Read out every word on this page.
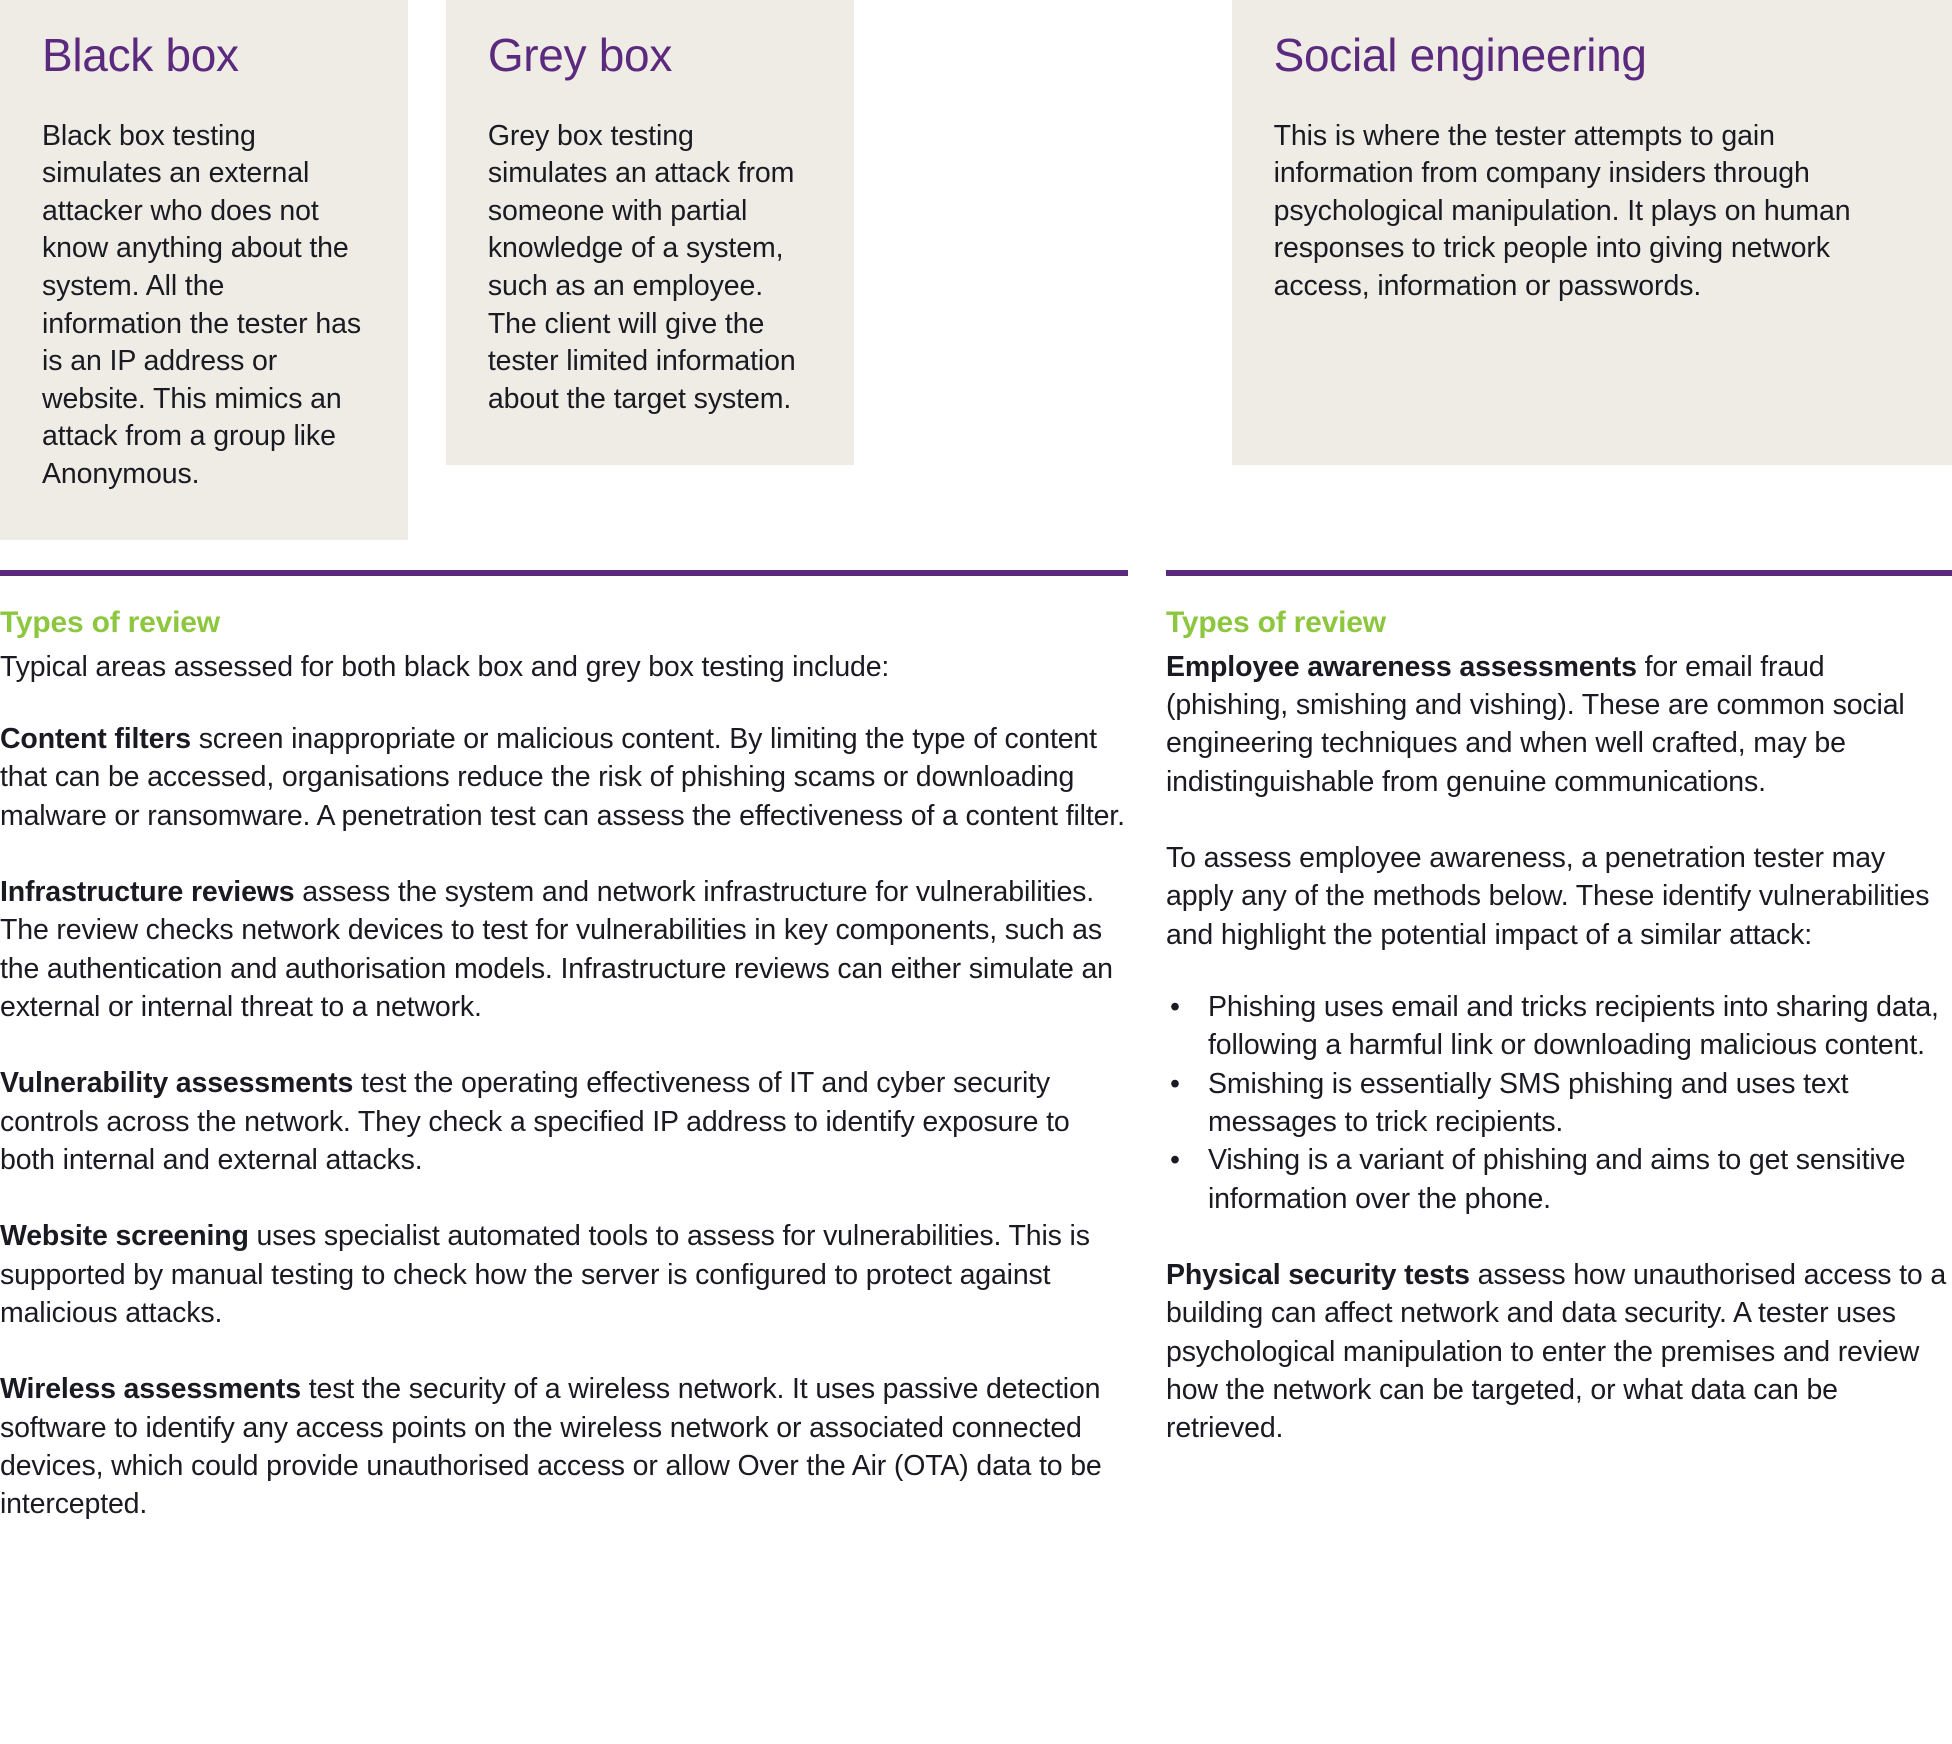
Black box

Black box testing simulates an external attacker who does not know anything about the system. All the information the tester has is an IP address or website. This mimics an attack from a group like Anonymous.

Grey box

Grey box testing simulates an attack from someone with partial knowledge of a system, such as an employee. The client will give the tester limited information about the target system.

Social engineering

This is where the tester attempts to gain information from company insiders through psychological manipulation. It plays on human responses to trick people into giving network access, information or passwords.

Types of review

Typical areas assessed for both black box and grey box testing include:

Content filters screen inappropriate or malicious content. By limiting the type of content that can be accessed, organisations reduce the risk of phishing scams or downloading malware or ransomware. A penetration test can assess the effectiveness of a content filter.

Infrastructure reviews assess the system and network infrastructure for vulnerabilities. The review checks network devices to test for vulnerabilities in key components, such as the authentication and authorisation models. Infrastructure reviews can either simulate an external or internal threat to a network.

Vulnerability assessments test the operating effectiveness of IT and cyber security controls across the network. They check a specified IP address to identify exposure to both internal and external attacks.

Website screening uses specialist automated tools to assess for vulnerabilities. This is supported by manual testing to check how the server is configured to protect against malicious attacks.

Wireless assessments test the security of a wireless network. It uses passive detection software to identify any access points on the wireless network or associated connected devices, which could provide unauthorised access or allow Over the Air (OTA) data to be intercepted.

Types of review

Employee awareness assessments for email fraud (phishing, smishing and vishing). These are common social engineering techniques and when well crafted, may be indistinguishable from genuine communications.

To assess employee awareness, a penetration tester may apply any of the methods below. These identify vulnerabilities and highlight the potential impact of a similar attack:

• Phishing uses email and tricks recipients into sharing data, following a harmful link or downloading malicious content.
• Smishing is essentially SMS phishing and uses text messages to trick recipients.
• Vishing is a variant of phishing and aims to get sensitive information over the phone.

Physical security tests assess how unauthorised access to a building can affect network and data security. A tester uses psychological manipulation to enter the premises and review how the network can be targeted, or what data can be retrieved.
